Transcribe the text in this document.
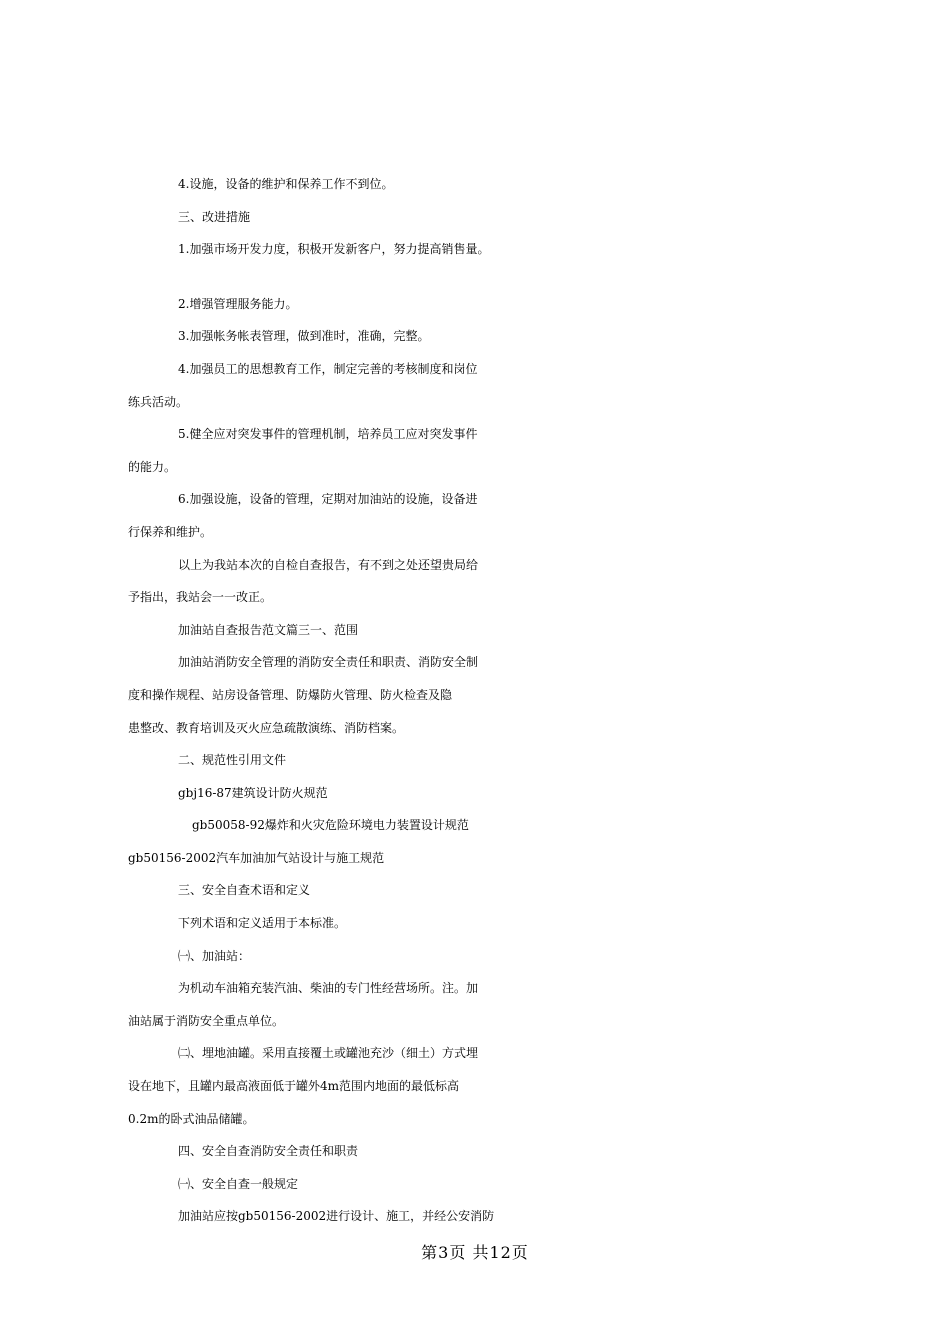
4.设施，设备的维护和保养工作不到位。
三、改进措施
1.加强市场开发力度，积极开发新客户，努力提高销售量。
2.增强管理服务能力。
3.加强帐务帐表管理，做到准时，准确，完整。
4.加强员工的思想教育工作，制定完善的考核制度和岗位
练兵活动。
5.健全应对突发事件的管理机制，培养员工应对突发事件
的能力。
6.加强设施，设备的管理，定期对加油站的设施，设备进
行保养和维护。
以上为我站本次的自检自查报告，有不到之处还望贵局给
予指出，我站会一一改正。
加油站自查报告范文篇三一、范围
加油站消防安全管理的消防安全责任和职责、消防安全制
度和操作规程、站房设备管理、防爆防火管理、防火检查及隐
患整改、教育培训及灭火应急疏散演练、消防档案。
二、规范性引用文件
gbj16-87建筑设计防火规范
gb50058-92爆炸和火灾危险环境电力装置设计规范
gb50156-2002汽车加油加气站设计与施工规范
三、安全自查术语和定义
下列术语和定义适用于本标准。
㈠、加油站：
为机动车油箱充装汽油、柴油的专门性经营场所。注。加
油站属于消防安全重点单位。
㈡、埋地油罐。采用直接覆土或罐池充沙（细土）方式埋
设在地下，且罐内最高液面低于罐外4m范围内地面的最低标高
0.2m的卧式油品储罐。
四、安全自查消防安全责任和职责
㈠、安全自查一般规定
加油站应按gb50156-2002进行设计、施工，并经公安消防
第3页 共12页
